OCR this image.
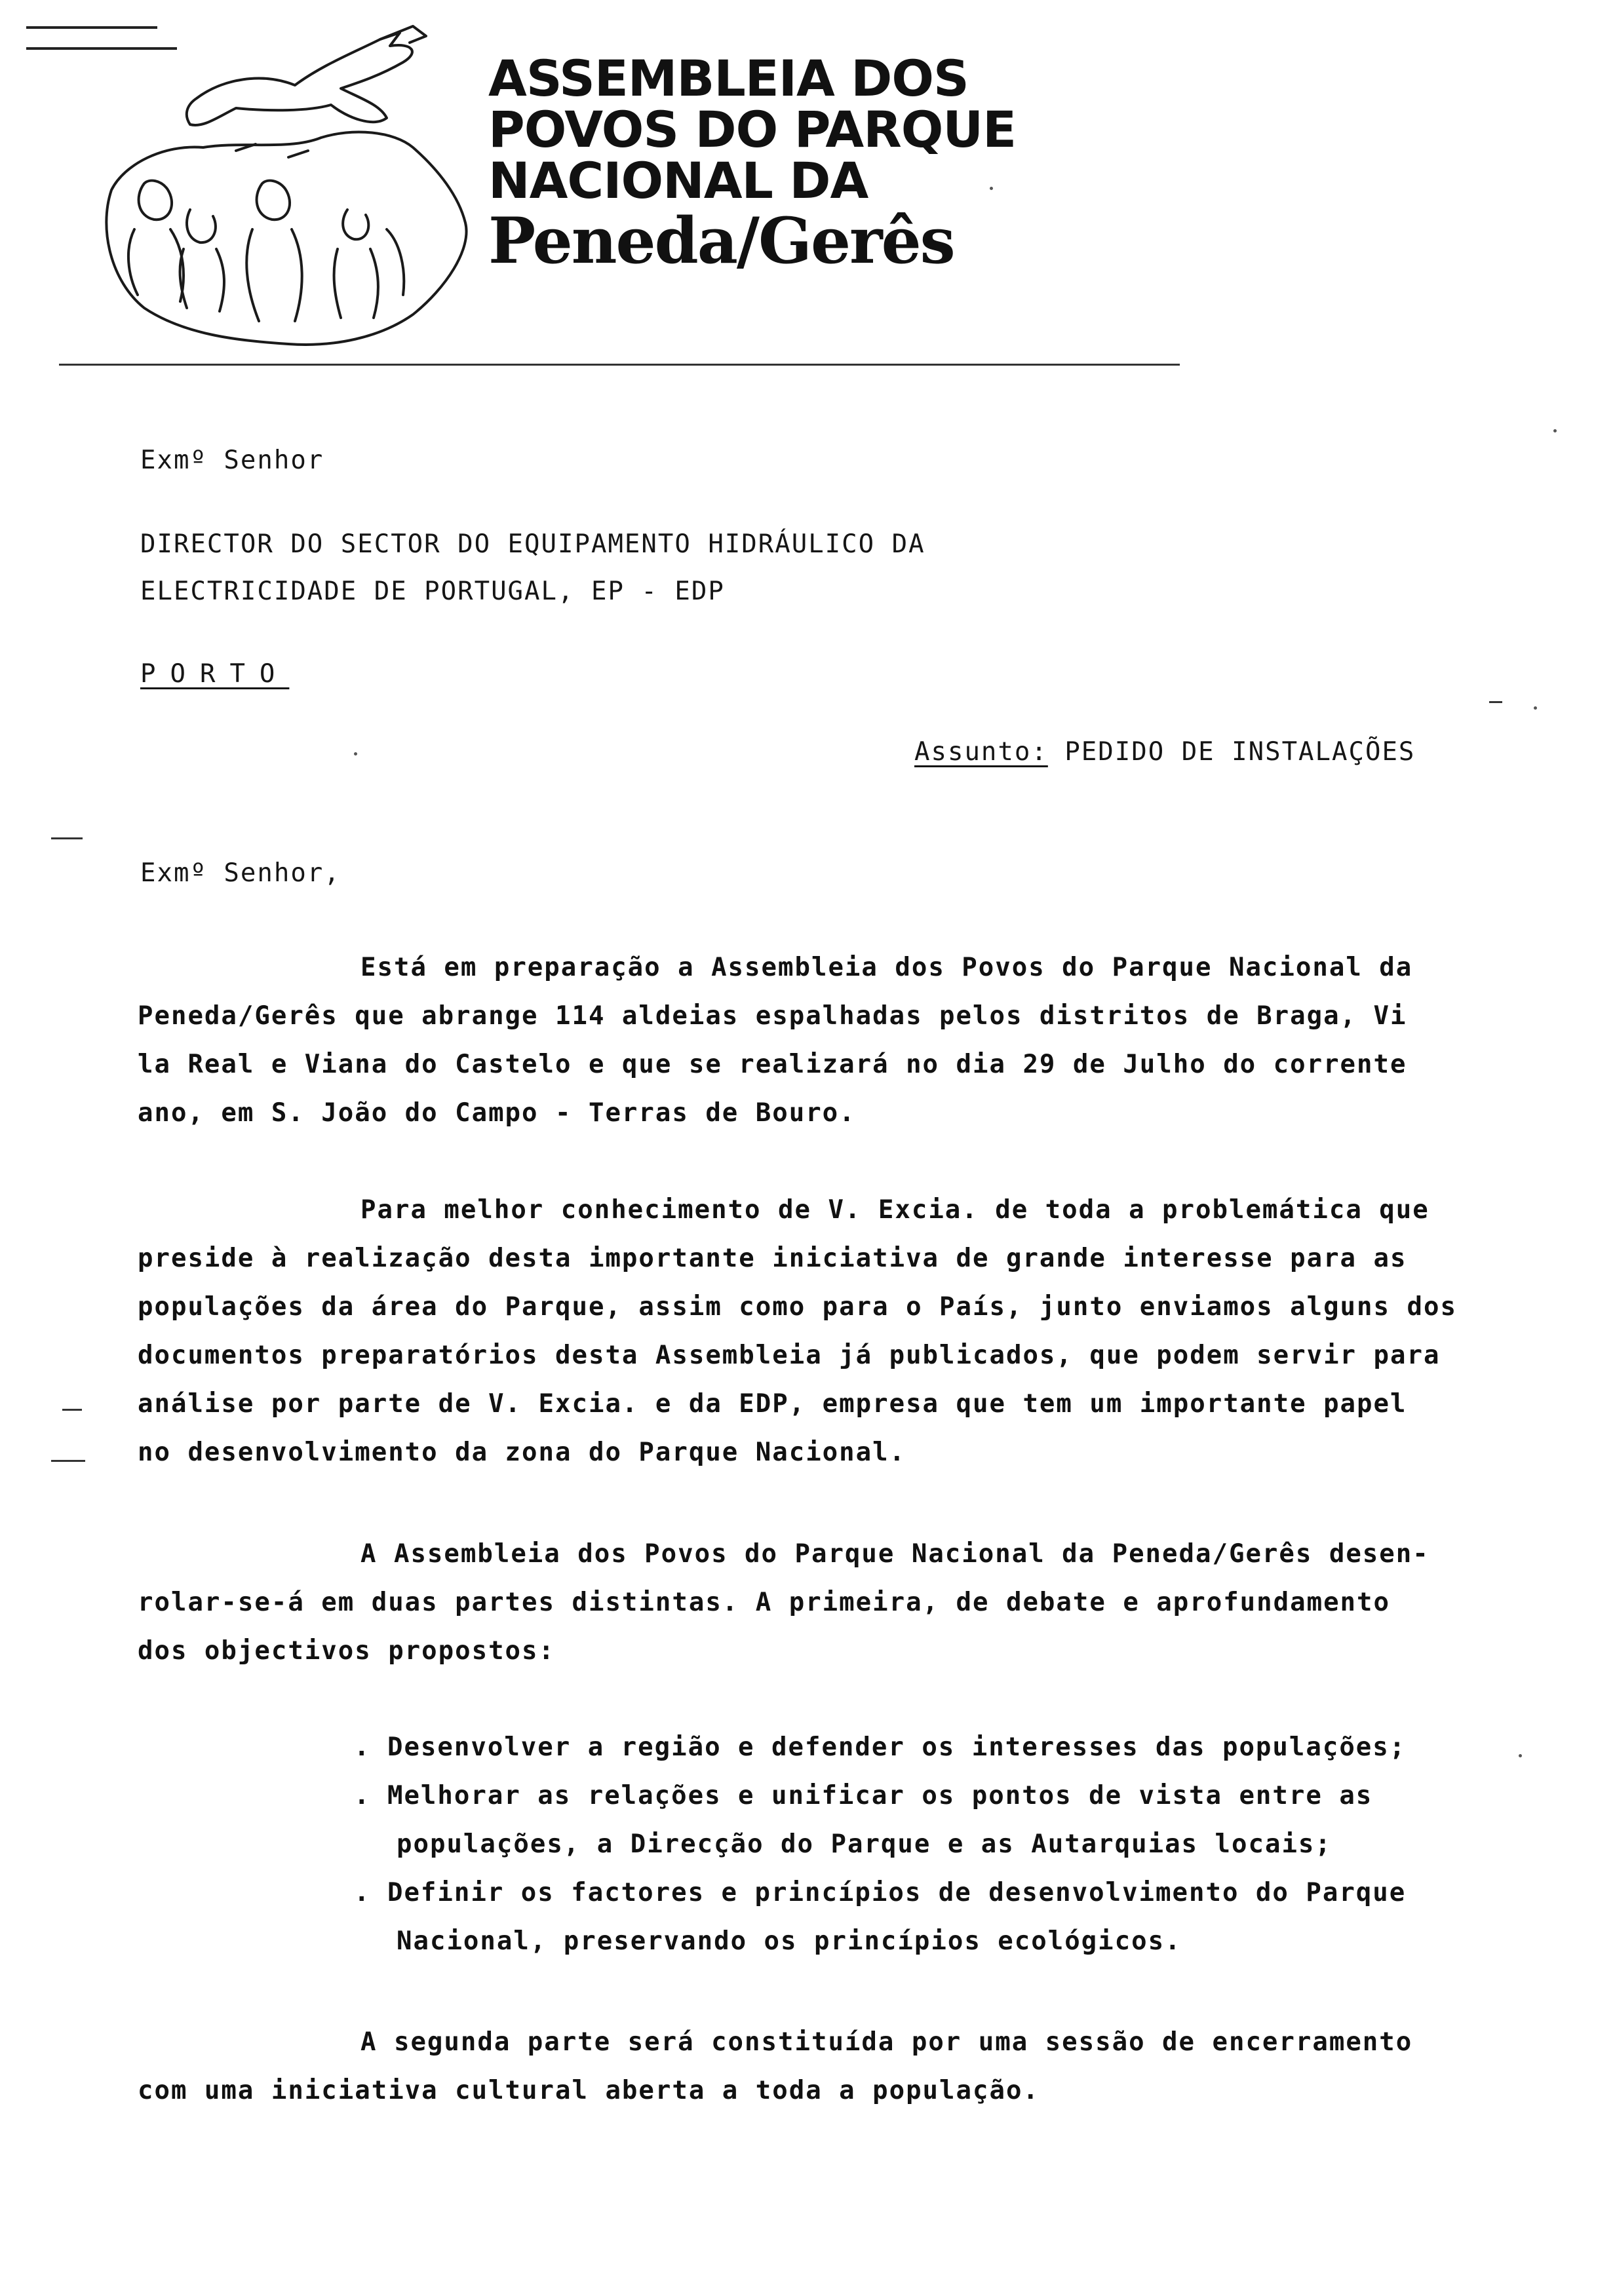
ASSEMBLEIA DOS
POVOS DO PARQUE
NACIONAL DA
Peneda/Gerês
Exmº Senhor
DIRECTOR DO SECTOR DO EQUIPAMENTO HIDRÁULICO DA
ELECTRICIDADE DE PORTUGAL, EP - EDP
PORTO
Assunto: PEDIDO DE INSTALAÇÕES
Exmº Senhor,
Está em preparação a Assembleia dos Povos do Parque Nacional da
Peneda/Gerês que abrange 114 aldeias espalhadas pelos distritos de Braga, Vi
la Real e Viana do Castelo e que se realizará no dia 29 de Julho do corrente
ano, em S. João do Campo - Terras de Bouro.
Para melhor conhecimento de V. Excia. de toda a problemática que
preside à realização desta importante iniciativa de grande interesse para as
populações da área do Parque, assim como para o País, junto enviamos alguns dos
documentos preparatórios desta Assembleia já publicados, que podem servir para
análise por parte de V. Excia. e da EDP, empresa que tem um importante papel
no desenvolvimento da zona do Parque Nacional.
A Assembleia dos Povos do Parque Nacional da Peneda/Gerês desen-
rolar-se-á em duas partes distintas. A primeira, de debate e aprofundamento
dos objectivos propostos:
. Desenvolver a região e defender os interesses das populações;
. Melhorar as relações e unificar os pontos de vista entre as
populações, a Direcção do Parque e as Autarquias locais;
. Definir os factores e princípios de desenvolvimento do Parque
Nacional, preservando os princípios ecológicos.
A segunda parte será constituída por uma sessão de encerramento
com uma iniciativa cultural aberta a toda a população.
